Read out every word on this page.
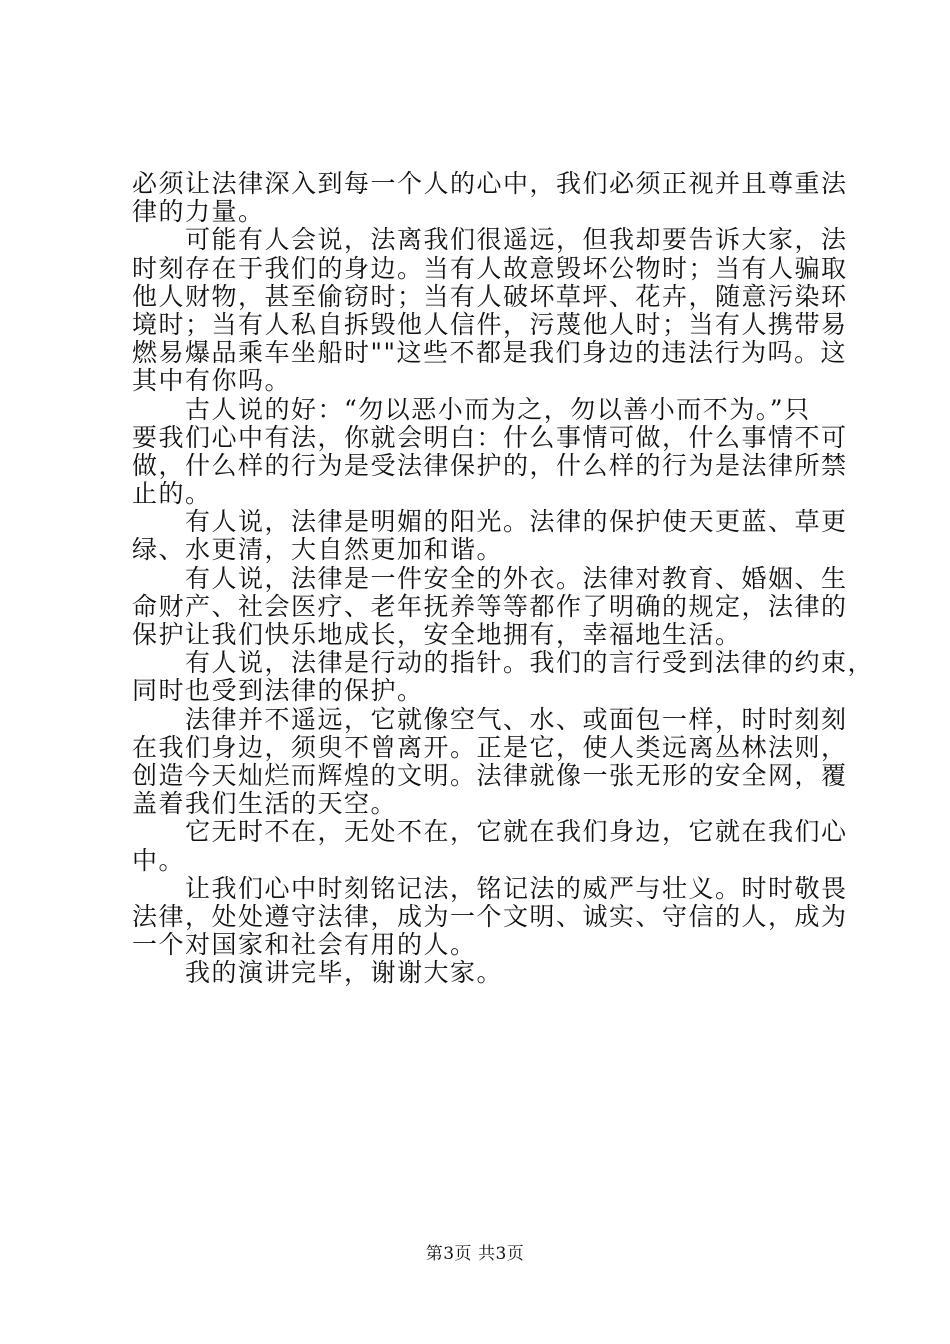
必须让法律深入到每一个人的心中，我们必须正视并且尊重法
律的力量。
　　可能有人会说，法离我们很遥远，但我却要告诉大家，法
时刻存在于我们的身边。当有人故意毁坏公物时；当有人骗取
他人财物，甚至偷窃时；当有人破坏草坪、花卉，随意污染环
境时；当有人私自拆毁他人信件，污蔑他人时；当有人携带易
燃易爆品乘车坐船时""这些不都是我们身边的违法行为吗。这
其中有你吗。
　　古人说的好：“勿以恶小而为之，勿以善小而不为。”只
要我们心中有法，你就会明白：什么事情可做，什么事情不可
做，什么样的行为是受法律保护的，什么样的行为是法律所禁
止的。
　　有人说，法律是明媚的阳光。法律的保护使天更蓝、草更
绿、水更清，大自然更加和谐。
　　有人说，法律是一件安全的外衣。法律对教育、婚姻、生
命财产、社会医疗、老年抚养等等都作了明确的规定，法律的
保护让我们快乐地成长，安全地拥有，幸福地生活。
　　有人说，法律是行动的指针。我们的言行受到法律的约束，
同时也受到法律的保护。
　　法律并不遥远，它就像空气、水、或面包一样，时时刻刻
在我们身边，须臾不曾离开。正是它，使人类远离丛林法则，
创造今天灿烂而辉煌的文明。法律就像一张无形的安全网，覆
盖着我们生活的天空。
　　它无时不在，无处不在，它就在我们身边，它就在我们心
中。
　　让我们心中时刻铭记法，铭记法的威严与壮义。时时敬畏
法律，处处遵守法律，成为一个文明、诚实、守信的人，成为
一个对国家和社会有用的人。
　　我的演讲完毕，谢谢大家。
第3页 共3页
